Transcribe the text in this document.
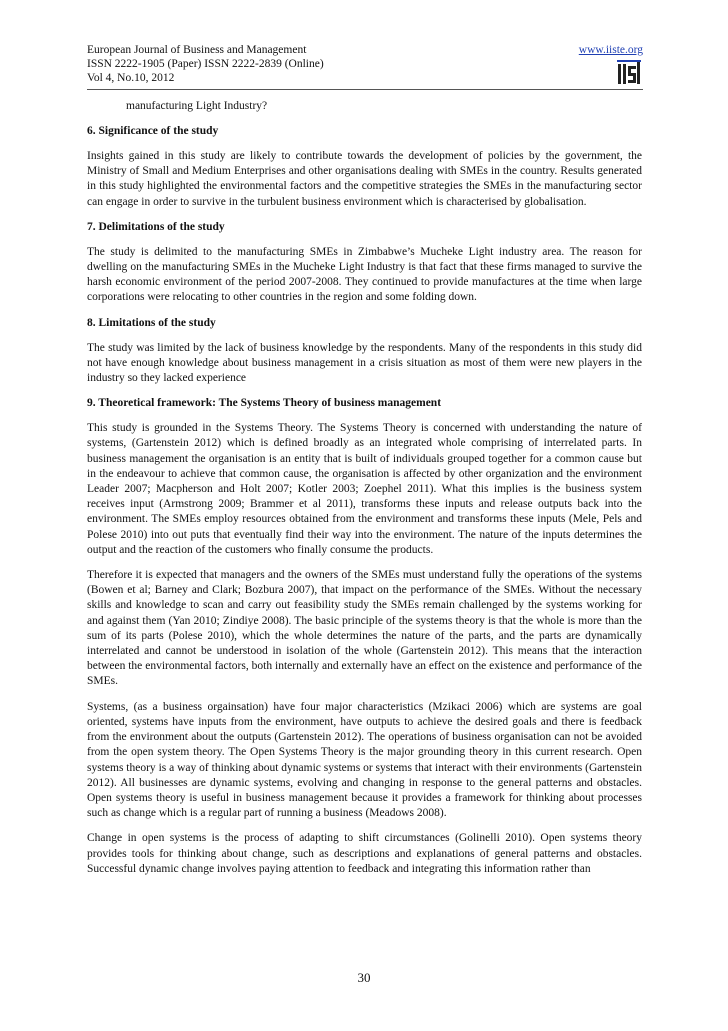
European Journal of Business and Management
ISSN 2222-1905 (Paper) ISSN 2222-2839 (Online)
Vol 4, No.10, 2012
www.iiste.org
manufacturing Light Industry?
6. Significance of the study

Insights gained in this study are likely to contribute towards the development of policies by the government, the Ministry of Small and Medium Enterprises and other organisations dealing with SMEs in the country. Results generated in this study highlighted the environmental factors and the competitive strategies the SMEs in the manufacturing sector can engage in order to survive in the turbulent business environment which is characterised by globalisation.

7. Delimitations of the study

The study is delimited to the manufacturing SMEs in Zimbabwe’s Mucheke Light industry area. The reason for dwelling on the manufacturing SMEs in the Mucheke Light Industry is that fact that these firms managed to survive the harsh economic environment of the period 2007-2008. They continued to provide manufactures at the time when large corporations were relocating to other countries in the region and some folding down.

8. Limitations of the study

The study was limited by the lack of business knowledge by the respondents. Many of the respondents in this study did not have enough knowledge about business management in a crisis situation as most of them were new players in the industry so they lacked experience

9. Theoretical framework: The Systems Theory of business management

This study is grounded in the Systems Theory. The Systems Theory is concerned with understanding the nature of systems, (Gartenstein 2012) which is defined broadly as an integrated whole comprising of interrelated parts. In business management the organisation is an entity that is built of individuals grouped together for a common cause but in the endeavour to achieve that common cause, the organisation is affected by other organization and the environment Leader 2007; Macpherson and Holt 2007; Kotler 2003; Zoephel 2011). What this implies is the business system receives input (Armstrong 2009; Brammer et al 2011), transforms these inputs and release outputs back into the environment. The SMEs employ resources obtained from the environment and transforms these inputs (Mele, Pels and Polese 2010) into out puts that eventually find their way into the environment. The nature of the inputs determines the output and the reaction of the customers who finally consume the products.

Therefore it is expected that managers and the owners of the SMEs must understand fully the operations of the systems (Bowen et al; Barney and Clark; Bozbura 2007), that impact on the performance of the SMEs. Without the necessary skills and knowledge to scan and carry out feasibility study the SMEs remain challenged by the systems working for and against them (Yan 2010; Zindiye 2008). The basic principle of the systems theory is that the whole is more than the sum of its parts (Polese 2010), which the whole determines the nature of the parts, and the parts are dynamically interrelated and cannot be understood in isolation of the whole (Gartenstein 2012). This means that the interaction between the environmental factors, both internally and externally have an effect on the existence and performance of the SMEs.

Systems, (as a business orgainsation) have four major characteristics (Mzikaci 2006) which are systems are goal oriented, systems have inputs from the environment, have outputs to achieve the desired goals and there is feedback from the environment about the outputs (Gartenstein 2012). The operations of business organisation can not be avoided from the open system theory. The Open Systems Theory is the major grounding theory in this current research. Open systems theory is a way of thinking about dynamic systems or systems that interact with their environments (Gartenstein 2012). All businesses are dynamic systems, evolving and changing in response to the general patterns and obstacles. Open systems theory is useful in business management because it provides a framework for thinking about processes such as change which is a regular part of running a business (Meadows 2008).

Change in open systems is the process of adapting to shift circumstances (Golinelli 2010). Open systems theory provides tools for thinking about change, such as descriptions and explanations of general patterns and obstacles. Successful dynamic change involves paying attention to feedback and integrating this information rather than

30
